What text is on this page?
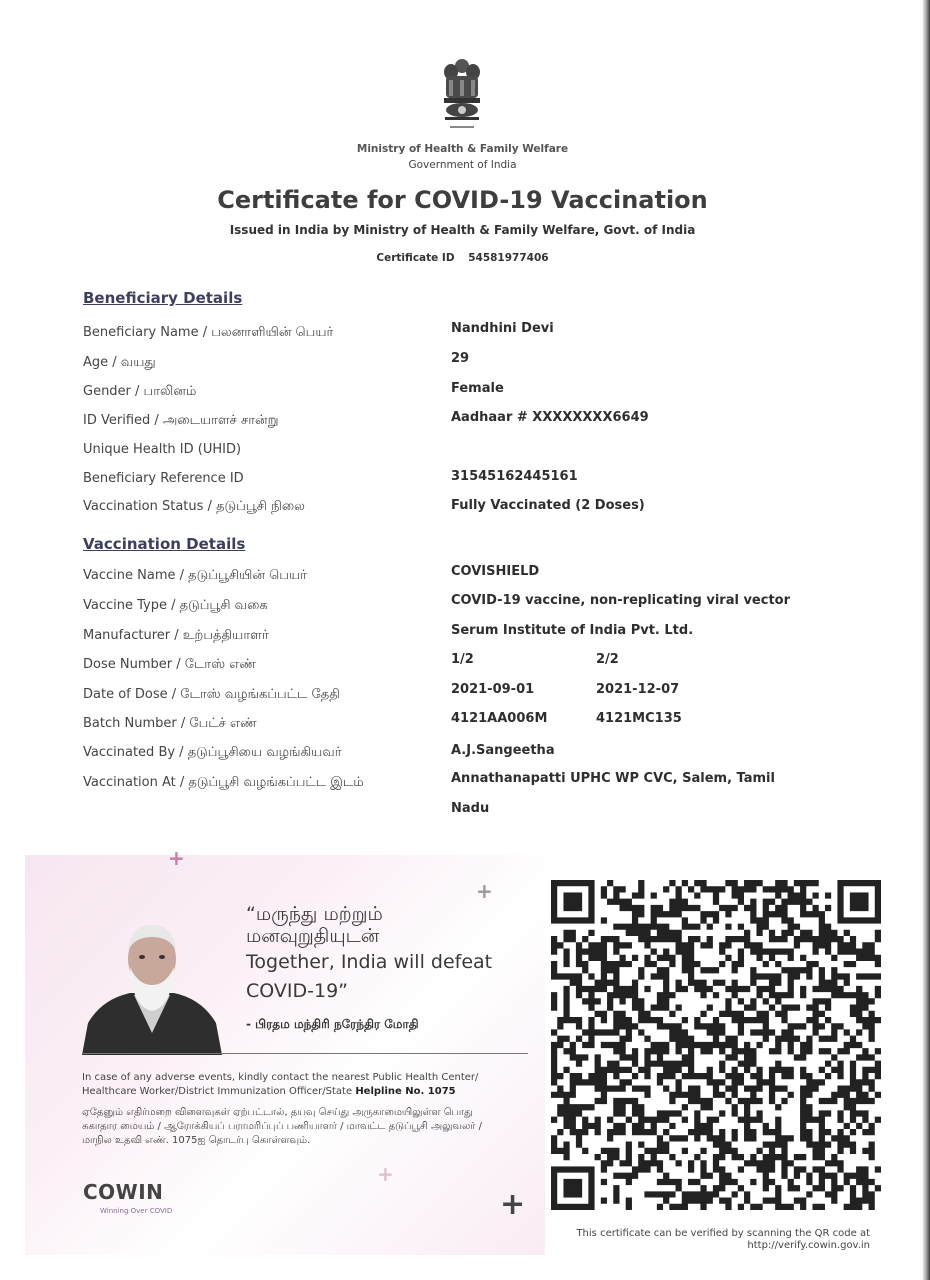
Ministry of Health & Family Welfare
Government of India
Certificate for COVID-19 Vaccination
Issued in India by Ministry of Health & Family Welfare, Govt. of India
Certificate ID 54581977406
Beneficiary Details
Beneficiary Name / பலனாளியின் பெயர்	Nandhini Devi
Age / வயது	29
Gender / பாலினம்	Female
ID Verified / அடையாளச் சான்று	Aadhaar # XXXXXXXX6649
Unique Health ID (UHID)
Beneficiary Reference ID	31545162445161
Vaccination Status / தடுப்பூசி நிலை	Fully Vaccinated (2 Doses)
Vaccination Details
Vaccine Name / தடுப்பூசியின் பெயர்	COVISHIELD
Vaccine Type / தடுப்பூசி வகை	COVID-19 vaccine, non-replicating viral vector
Manufacturer / உற்பத்தியாளர்	Serum Institute of India Pvt. Ltd.
Dose Number / டோஸ் எண்	1/2	2/2
Date of Dose / டோஸ் வழங்கப்பட்ட தேதி	2021-09-01	2021-12-07
Batch Number / பேட்ச் எண்	4121AA006M	4121MC135
Vaccinated By / தடுப்பூசியை வழங்கியவர்	A.J.Sangeetha
Vaccination At / தடுப்பூசி வழங்கப்பட்ட இடம்	Annathanapatti UPHC WP CVC, Salem, Tamil
Nadu
+
+
+
+
“மருந்து மற்றும்
மனவுறுதியுடன்
Together, India will defeat
COVID-19”
- பிரதம மந்திரி நரேந்திர மோதி
In case of any adverse events, kindly contact the nearest Public Health Center/
Healthcare Worker/District Immunization Officer/State Helpline No. 1075
ஏதேனும் எதிர்மறை விளைவுகள் ஏற்பட்டால், தயவு செய்து அருகாமையிலுள்ள பொது
சுகாதார மையம் / ஆரோக்கியப் பராமரிப்புப் பணியாளர் / மாவட்ட தடுப்பூசி அலுவலர் /
மாநில உதவி எண். 1075ஐ தொடர்பு கொள்ளவும்.
COWIN
Winning Over COVID
This certificate can be verified by scanning the QR code at
http://verify.cowin.gov.in
